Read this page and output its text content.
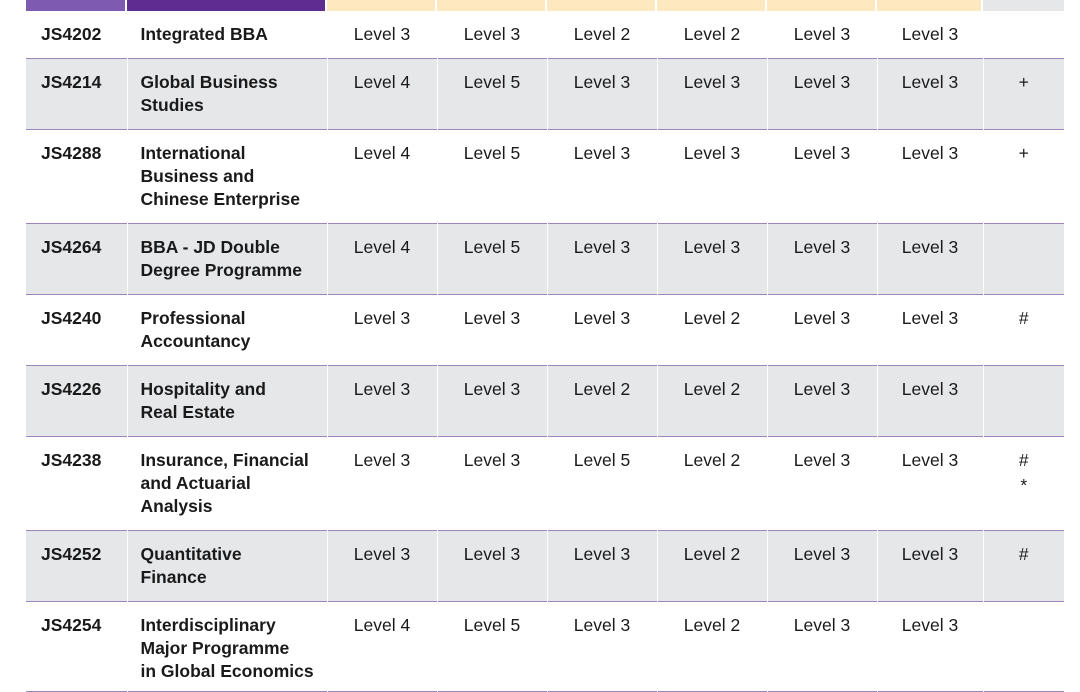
JS4202	Integrated BBA	Level 3	Level 3	Level 2	Level 2	Level 3	Level 3	
JS4214	Global Business
Studies	Level 4	Level 5	Level 3	Level 3	Level 3	Level 3	+

JS4288	International
Business and
Chinese Enterprise	Level 4	Level 5	Level 3	Level 3	Level 3	Level 3	+

JS4264	BBA - JD Double
Degree Programme	Level 4	Level 5	Level 3	Level 3	Level 3	Level 3	
JS4240	Professional
Accountancy	Level 3	Level 3	Level 3	Level 2	Level 3	Level 3	#

JS4226	Hospitality and
Real Estate	Level 3	Level 3	Level 2	Level 2	Level 3	Level 3	
JS4238	Insurance, Financial
and Actuarial
Analysis	Level 3	Level 3	Level 5	Level 2	Level 3	Level 3	#
*

JS4252	Quantitative
Finance	Level 3	Level 3	Level 3	Level 2	Level 3	Level 3	#

JS4254	Interdisciplinary
Major Programme
in Global Economics	Level 4	Level 5	Level 3	Level 2	Level 3	Level 3	
